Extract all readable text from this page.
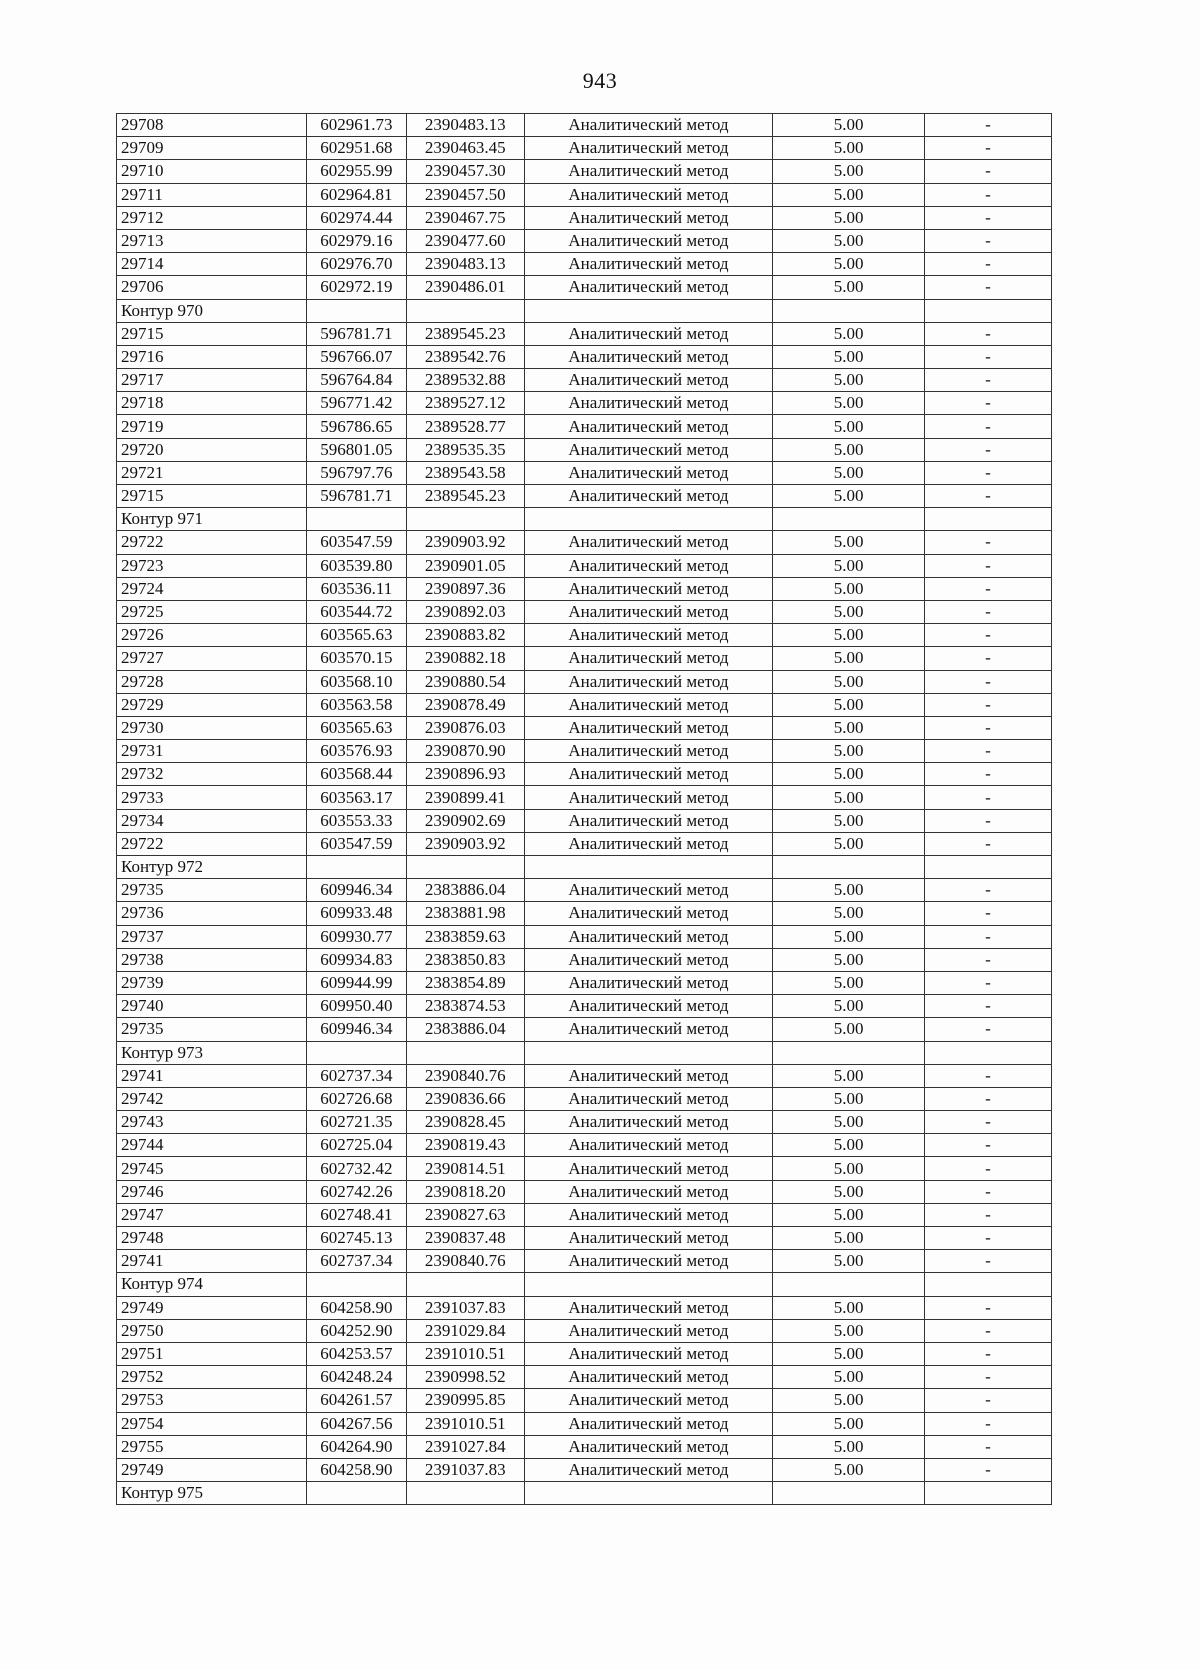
943
29708	602961.73	2390483.13	Аналитический метод	5.00	-
29709	602951.68	2390463.45	Аналитический метод	5.00	-
29710	602955.99	2390457.30	Аналитический метод	5.00	-
29711	602964.81	2390457.50	Аналитический метод	5.00	-
29712	602974.44	2390467.75	Аналитический метод	5.00	-
29713	602979.16	2390477.60	Аналитический метод	5.00	-
29714	602976.70	2390483.13	Аналитический метод	5.00	-
29706	602972.19	2390486.01	Аналитический метод	5.00	-
Контур 970					
29715	596781.71	2389545.23	Аналитический метод	5.00	-
29716	596766.07	2389542.76	Аналитический метод	5.00	-
29717	596764.84	2389532.88	Аналитический метод	5.00	-
29718	596771.42	2389527.12	Аналитический метод	5.00	-
29719	596786.65	2389528.77	Аналитический метод	5.00	-
29720	596801.05	2389535.35	Аналитический метод	5.00	-
29721	596797.76	2389543.58	Аналитический метод	5.00	-
29715	596781.71	2389545.23	Аналитический метод	5.00	-
Контур 971					
29722	603547.59	2390903.92	Аналитический метод	5.00	-
29723	603539.80	2390901.05	Аналитический метод	5.00	-
29724	603536.11	2390897.36	Аналитический метод	5.00	-
29725	603544.72	2390892.03	Аналитический метод	5.00	-
29726	603565.63	2390883.82	Аналитический метод	5.00	-
29727	603570.15	2390882.18	Аналитический метод	5.00	-
29728	603568.10	2390880.54	Аналитический метод	5.00	-
29729	603563.58	2390878.49	Аналитический метод	5.00	-
29730	603565.63	2390876.03	Аналитический метод	5.00	-
29731	603576.93	2390870.90	Аналитический метод	5.00	-
29732	603568.44	2390896.93	Аналитический метод	5.00	-
29733	603563.17	2390899.41	Аналитический метод	5.00	-
29734	603553.33	2390902.69	Аналитический метод	5.00	-
29722	603547.59	2390903.92	Аналитический метод	5.00	-
Контур 972					
29735	609946.34	2383886.04	Аналитический метод	5.00	-
29736	609933.48	2383881.98	Аналитический метод	5.00	-
29737	609930.77	2383859.63	Аналитический метод	5.00	-
29738	609934.83	2383850.83	Аналитический метод	5.00	-
29739	609944.99	2383854.89	Аналитический метод	5.00	-
29740	609950.40	2383874.53	Аналитический метод	5.00	-
29735	609946.34	2383886.04	Аналитический метод	5.00	-
Контур 973					
29741	602737.34	2390840.76	Аналитический метод	5.00	-
29742	602726.68	2390836.66	Аналитический метод	5.00	-
29743	602721.35	2390828.45	Аналитический метод	5.00	-
29744	602725.04	2390819.43	Аналитический метод	5.00	-
29745	602732.42	2390814.51	Аналитический метод	5.00	-
29746	602742.26	2390818.20	Аналитический метод	5.00	-
29747	602748.41	2390827.63	Аналитический метод	5.00	-
29748	602745.13	2390837.48	Аналитический метод	5.00	-
29741	602737.34	2390840.76	Аналитический метод	5.00	-
Контур 974					
29749	604258.90	2391037.83	Аналитический метод	5.00	-
29750	604252.90	2391029.84	Аналитический метод	5.00	-
29751	604253.57	2391010.51	Аналитический метод	5.00	-
29752	604248.24	2390998.52	Аналитический метод	5.00	-
29753	604261.57	2390995.85	Аналитический метод	5.00	-
29754	604267.56	2391010.51	Аналитический метод	5.00	-
29755	604264.90	2391027.84	Аналитический метод	5.00	-
29749	604258.90	2391037.83	Аналитический метод	5.00	-
Контур 975					
